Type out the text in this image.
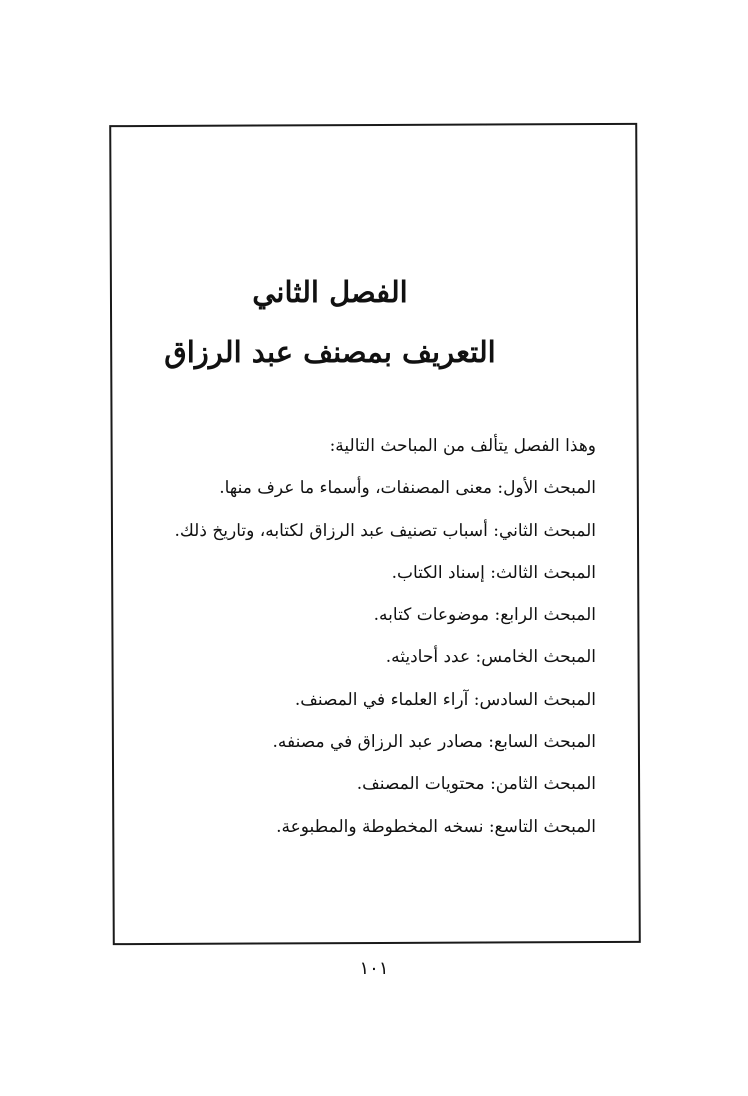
الفصل الثاني
التعريف بمصنف عبد الرزاق
وهذا الفصل يتألف من المباحث التالية:
المبحث الأول: معنى المصنفات، وأسماء ما عرف منها.
المبحث الثاني: أسباب تصنيف عبد الرزاق لكتابه، وتاريخ ذلك.
المبحث الثالث: إسناد الكتاب.
المبحث الرابع: موضوعات كتابه.
المبحث الخامس: عدد أحاديثه.
المبحث السادس: آراء العلماء في المصنف.
المبحث السابع: مصادر عبد الرزاق في مصنفه.
المبحث الثامن: محتويات المصنف.
المبحث التاسع: نسخه المخطوطة والمطبوعة.
١٠١
